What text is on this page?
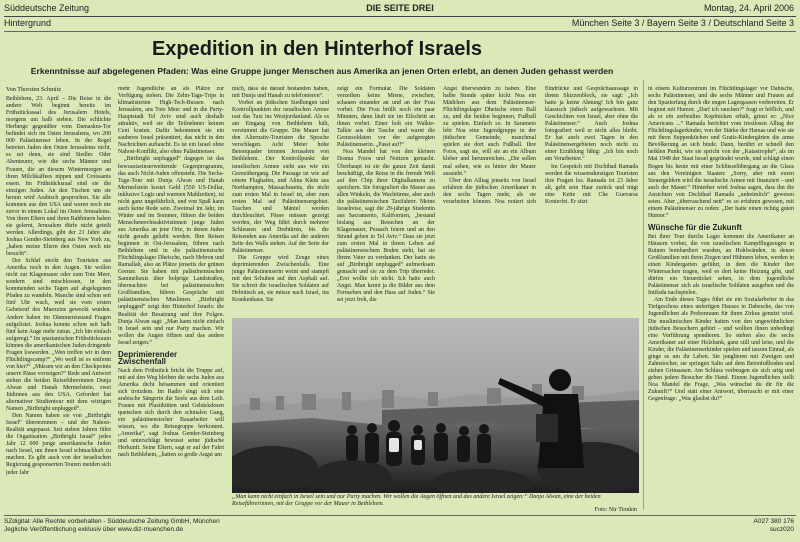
Süddeutsche Zeitung	DIE SEITE DREI	Montag, 24. April 2006
Hintergrund	München Seite 3 / Bayern Seite 3 / Deutschland Seite 3
Expedition in den Hinterhof Israels
Erkenntnisse auf abgelegenen Pfaden: Was eine Gruppe junger Menschen aus Amerika an jenen Orten erlebt, an denen Juden gehasst werden
Von Thorsten Schmitz

Bethlehem, 23. April – Die Reise in die andere Welt beginnt bereits im Frühstückssaal des Jerusalem Hotels, morgens um halb sieben. Die schlichte Herberge gegenüber vom Damaskus-Tor befindet sich im Osten Jerusalems, wo 200 000 Palästinenser leben. In der Regel betreten Juden den Osten Jerusalems nicht, es sei denn, sie sind Siedler. Oder Abenteurer, wie die sechs Männer und Frauen, die an diesem Wintermorgen an ihren Milchkaffees nippen und Croissants essen. Im Frühstücksraal sind sie die einzigen Juden. An den Tischen um sie herum wird Arabisch gesprochen. Sie alle kommen aus den USA und waren noch nie zuvor in einem Lokal im Osten Jerusalems. Von ihren Eltern und ihren Rabbinern haben sie gelernt, Jerusalem dürfe nicht geteilt werden. Allerdings, gibt der 21 Jahre alte Joshua Gender-Steinberg aus New York zu, „haben meine Eltern den Osten noch nie besucht“.

Der Schlaf steckt den Touristen aus Amerika noch in den Augen. Sie wollen nicht zur Klagemauer oder zum Tote Meer, sondern sind entschlossen, in den kommenden sechs Tagen auf abgelegenen Pfaden zu wandeln. Manche sind schon seit fünf Uhr wach, weil sie vom ersten Gebetsruf des Muezzins geweckt wurden. Andere haben im Dämmerzustand Fragen aufgelistet. Joshua konnte schon seit halb fünf kein Auge mehr zutun. „Ich bin einfach aufgeregt.“ Im spartanischen Frühstückraum können die amerikanischen Juden dringende Fragen loswerden. „Wen treffen wir in dem Flüchtlingscamp?“ „Wo weiß ist es entfernt von hier?“ „Müssen wir an den Checkpoints unsere Pässe vorzeigen?“ Rede und Antwort stehen die beiden Reiseführerinnen Dunja Alwan und Hanah Mermelstein, zwei Jüdinnen aus den USA. Gefordert hat alternativer Studientour mit dem witzigen Namen „Birthright unplugged“.

Den Namen haben sie von „Birthright Israel“ übernommen – und der Nahost-Realität angepasst. Seit sieben Jahren führt die Organisation „Birthright Israel“ jedes Jahr 12 000 junge amerikanische Juden nach Israel, um ihnen Israel schmackhaft zu machen. Es gibt auch von der israelischen Regierung gesponserten Touren meiden sich jeder Jahr

mehr Jugendliche an als Plätze zur Verfügung stehen. Die Zehn-Tage-Trips in klimatisierten High-Tech-Bussen nach Jerusalem, ans Tote Meer und in die Party-Hauptstadt Tel Aviv sind auch deshalb attraktiv, weil sie die Teilnehmer keinen Cent kosten. Dafür bekommen sie ein sauberes Israel präsentiert, das nicht in den Nachrichten auftaucht. Es ist ein Israel ohne Nahost-Konflikt, also ohne Palästinenser.

„Birthright unplugged“ dagegen ist das bewusstseinserweiternde Gegenprogramm, das auch Nicht-Juden offensteht. Die Sechs-Tage-Tour mit Dunja Alwan und Hanah Mermelstein kostet Geld (550 US-Dollar, inklusive Logis und warmen Mahlzeiten), ist nicht ganz ungefährlich, und von Spaß kann auch keine Rede sein. Zweimal im Jahr, im Winter und im Sommer, führen die beiden Menschenrechtsaktivistinnen junge Juden aus Amerika an jene Orte, in denen Juden nicht gerade geliebt werden. Ihre Reisen beginnen in Ost-Jerusalem, führen nach Bethlehem und in die palästinensische Flüchtlingslager Dheische, nach Hebron und Ramallah, also an Plätze jenseits der grünen Grenze. Sie haben mit palästinensischen Sammeltaxis über holprige Landstraßen, übernachten bei palästinensischen Großfamilien, führen Gespräche mit palästinensischen Muslimen. „Birthright unplugged“ zeigt den Hinterhof Israels: die Realität der Besatzung und ihre Folgen. Dunja Alwan sagt: „Man kann nicht einfach in Israel sein und nur Party machen. Wir wollen die Augen öffnen und das andere Israel zeigen.“

Deprimierender Zwischenfall

Nach dem Frühstück bricht die Truppe auf, mit auf den Weg bleiben die sechs Juden aus Amerika dicht beisammen und orientiert sich trotzdem. Im Radio singt sich eine arabische Sängerin die Seele aus dem Leib. Frauen mit Plastiktüten und Gebäckdosen quetschen sich durch den schmalen Gang, ein palästinensischer Bauarbeiter will wissen, wo die Reisegruppe herkommt. „Amerika“, sagt Joshua Gender-Steinberg und unterschlägt bewusst seine jüdische Herkunft. Seine Eltern, sagt er auf der Fahrt nach Bethlehem, „hatten so große Angst um

mich, dass sie darauf bestanden haben, mit Dunja und Hanah zu telefonieren“.

Vorbei an jüdischen Siedlungen und Kontrollpunkten der israelischen Armee rast das Taxi ins Westjordanland. Als es am Eingang von Bethlehem hält, verstummt die Gruppe. Die Mauer hat den Alternativ-Touristen die Sprache verschlagen. Acht Meter hohe Betonquader trennen Jerusalem von Bethlehem. Der Kontrollpunkt der israelischen Armee sieht aus wie ein Grenzübergang. Die Passage ist wie auf einem Flughafen, und Alina Klein aus Northampton, Massachusetts, die nicht zum ersten Mal in Israel ist, aber zum ersten Mal auf Palästinensergebiet. Taschen und Mäntel werden durchleuchtet. Pässe müssen gezeigt werden, der Weg führt durch mehrere Schleusen und Drehtüren, bis die Reisenden aus Amerika auf der anderen Seite des Walls stehen. Auf der Seite der Palästinenser.

Die Gruppe wird Zeuge eines deprimierenden Zwischenfalls. Eine junge Palästinenserin weint und stampft mit den Schuhen auf den Asphalt auf. Sie schreit die israelischen Soldaten auf Hebräisch an, sie müsse nach Israel, ins Krankenhaus. Sie

zeigt ein Formular. Die Soldaten verzeihen keine Miene, zwischen, schauen einander an und an der Frau vorbei. Die Frau brüllt noch ein paar Minuten, dann läuft sie im Eilschritt an ihnen vorbei. Einer holt ein Walkie-Talkie aus der Tasche und warnt die Grenzsoldaten vor der aufgeregten Palästinenserin. „Passt auf!“

Noa Mandel hat von den kleinen Drama Fotos und Notizen gemacht. Überhaupt ist sie die ganze Zeit damit beschäftigt, die Reise in die fremde Welt auf den Chip ihrer Digitalkamera zu speichern. Sie fotografiert die Mauer aus allen Winkeln, die Wachtürme, aber auch die palästinensischen Taxifahrer. Meine Israelreise, sagt die 29-jährige Studentin aus Sacramento, Kalifornien, „bestand bislang aus Besuchen an der Klagemauer, Pessach feiern und an den Strand gehen in Tel Aviv.“ Dass sie jetzt zum ersten Mal in ihrem Leben auf palästinensischem Boden steht, hat sie ihrem Vater zu verdanken. Der hatte sie auf „Birthright unplugged“ aufmerksam gemacht und sie zu dem Trip überredet. „Erst wollte ich nicht. Ich hatte auch Angst. Man kennt ja die Bilder aus dem Fernsehen und den Hass auf Juden.“ Sie sei jetzt froh, die

Angst überwunden zu haben. Eine halbe Stunde später kickt Noa ein Mädchen aus dem Palästinenser-Flüchtlingslager Dheische einen Ball zu, und die beiden beginnen, Fußball zu spielen. Einfach so. In Sarameto lebt Noa eine Jugendgruppe in der jüdischen Gemeinde, manchmal spielen sie dort auch Fußball. Ihre Fotos, sagt sie, will sie an ein Album kleber und herumreichen. „Die sollen mal sehen, wie es hinter der Mauer aussieht.“

Über den Alltag jenseits von Israel erfahren die jüdischen Amerikaner in den sechs Tagen mehr, als sie verarbeiten können. Noa notiert sich Eindrücke und Gesprächsaussage in ihrem Skizzenblock, sie sagt: „Ich hatte ja keine Ahnung! Ich bin ganz klassisch jüdisch aufgewachsen. Mit Geschichten von Israel, aber ohne die Palästinenser.“ Auch Joshua fotografiert weil er nicht alles bleibt. Er hat auch zwei Tagen in den Palästinensergebieten noch nicht zu einer Erzählung fähig: „Ich bin noch am Verarbeiten.“

Im Gespräch mit Dschihad Ramada werden die wissensdurstigen Touristen ihre Fragen los. Ramada ist 23 Jahre alt, geht sein Haar zurück und trägt eine Kette mit Che Guevaras Konterfei. Er sitzt

in einem Kulturzentrum im Flüchtlingslager vor Dahische, sechs Palästinenser, und die sechs Männer und Frauen auf den Spazierfang durch die engen Lagergassen vorbereiten. Er beginnt mit Humor. „Darf ich rauchen?“ fragt er höflich, und als er ein zerbeultes Kopfnicken erhält, grinst er: „Nice Americans ...“ Ramada berichtet vom trostlosen Alltag der Flüchtlingslagerkinder, von der Stärke der Hamas und wie sie mit ihren Suppenküchen und Gratis-Kindergärten die arme Bevölkerung an sich binde. Dann, berührt er schnell den heiklen Punkt, wie sie spricht von der „Katastrophe“, als im Mai 1948 der Staat Israel gegründet wurde, und schlägt einen Bogen bis heute mit einer Schlüsselübergang an die Glaus aus den Vereinigten Staaten: „Sorry, aber mit euren Steuergeldern wird die israelische Armee mit finanziert – und auch der Mauer.“ Hinterher wird Joshua sagen, dass ihn die Ansichten von Dschihad Ramada „unheimlich“ gewesen seien. Aber „überraschend nett“ es so erfahren gewesen, mit einem Palästinenser zu reden: „Der hatte einen richtig guten Humor.“

Wünsche für die Zukunft

Bei ihrer Tour durchs Lager kommen die Amerikaner an Häusern vorbei, die von israelischen Kampfflugzeugen in Ruinen bombardiert wurden, an Hohlwänden, in denen Großfamilien mit ihren Ziegen und Hühnern leben, werden in einen Kindergarten geführt, in dem die Kinder ihre Wintersachen tragen, weil es dort keine Heizung gibt, und dürfen ein Steuerticket sehen, in dem jugendliche Palästinenser sich als israelische Soldaten ausgeben und die Intifada nachspielen.

Am Ende dieses Tages führt sie ein Sozialarbeiter in das Tiefgeschoss eines unfertigen Hauses in Dabesche, das von Jugendlichen als Probenraum für ihren Zirkus genutzt wird. Die muslimischen Kinder hatten von den ungewöhnlichen jüdischen Besuchern gehört – und wollten ihnen unbedingt eine Vorführung spendieren. So stehen also die sechs Amerikaner auf einer Holzbank, ganz still und leise, und die Kinder, die Palästinenserkinder spielen und tanzen Einrad, als ginge es um ihr Leben. Sie jonglieren mit Zweigen und Zahnstocher, sie springen Salto auf dem Betonfußboden und ziehen Grimassen. Am Schluss verbeugen sie sich artig und geben jedem Besucher die Hand. Einem Jugendlichen stellt Noa Mandel die Frage, „Was wünschst du dir für die Zukunft?“ Und statt einer Antwort, überrascht er mit einer Gegenfrage: „Was glaubst du?“

„Man kann nicht einfach in Israel sein und nur Party machen. Wir wollen die Augen öffnen und das andere Israel zeigen:“ Dunja Alwan, eine der beiden Reiseführerinnen, mit der Gruppe vor der Mauer in Bethlehem.
Foto: Nir Tionkin
SZdigital: Alle Rechte vorbehalten - Süddeutsche Zeitung GmbH, München
Jegliche Veröffentlichung exklusiv über www.diz-muenchen.de
A027 380 176
sucz020
